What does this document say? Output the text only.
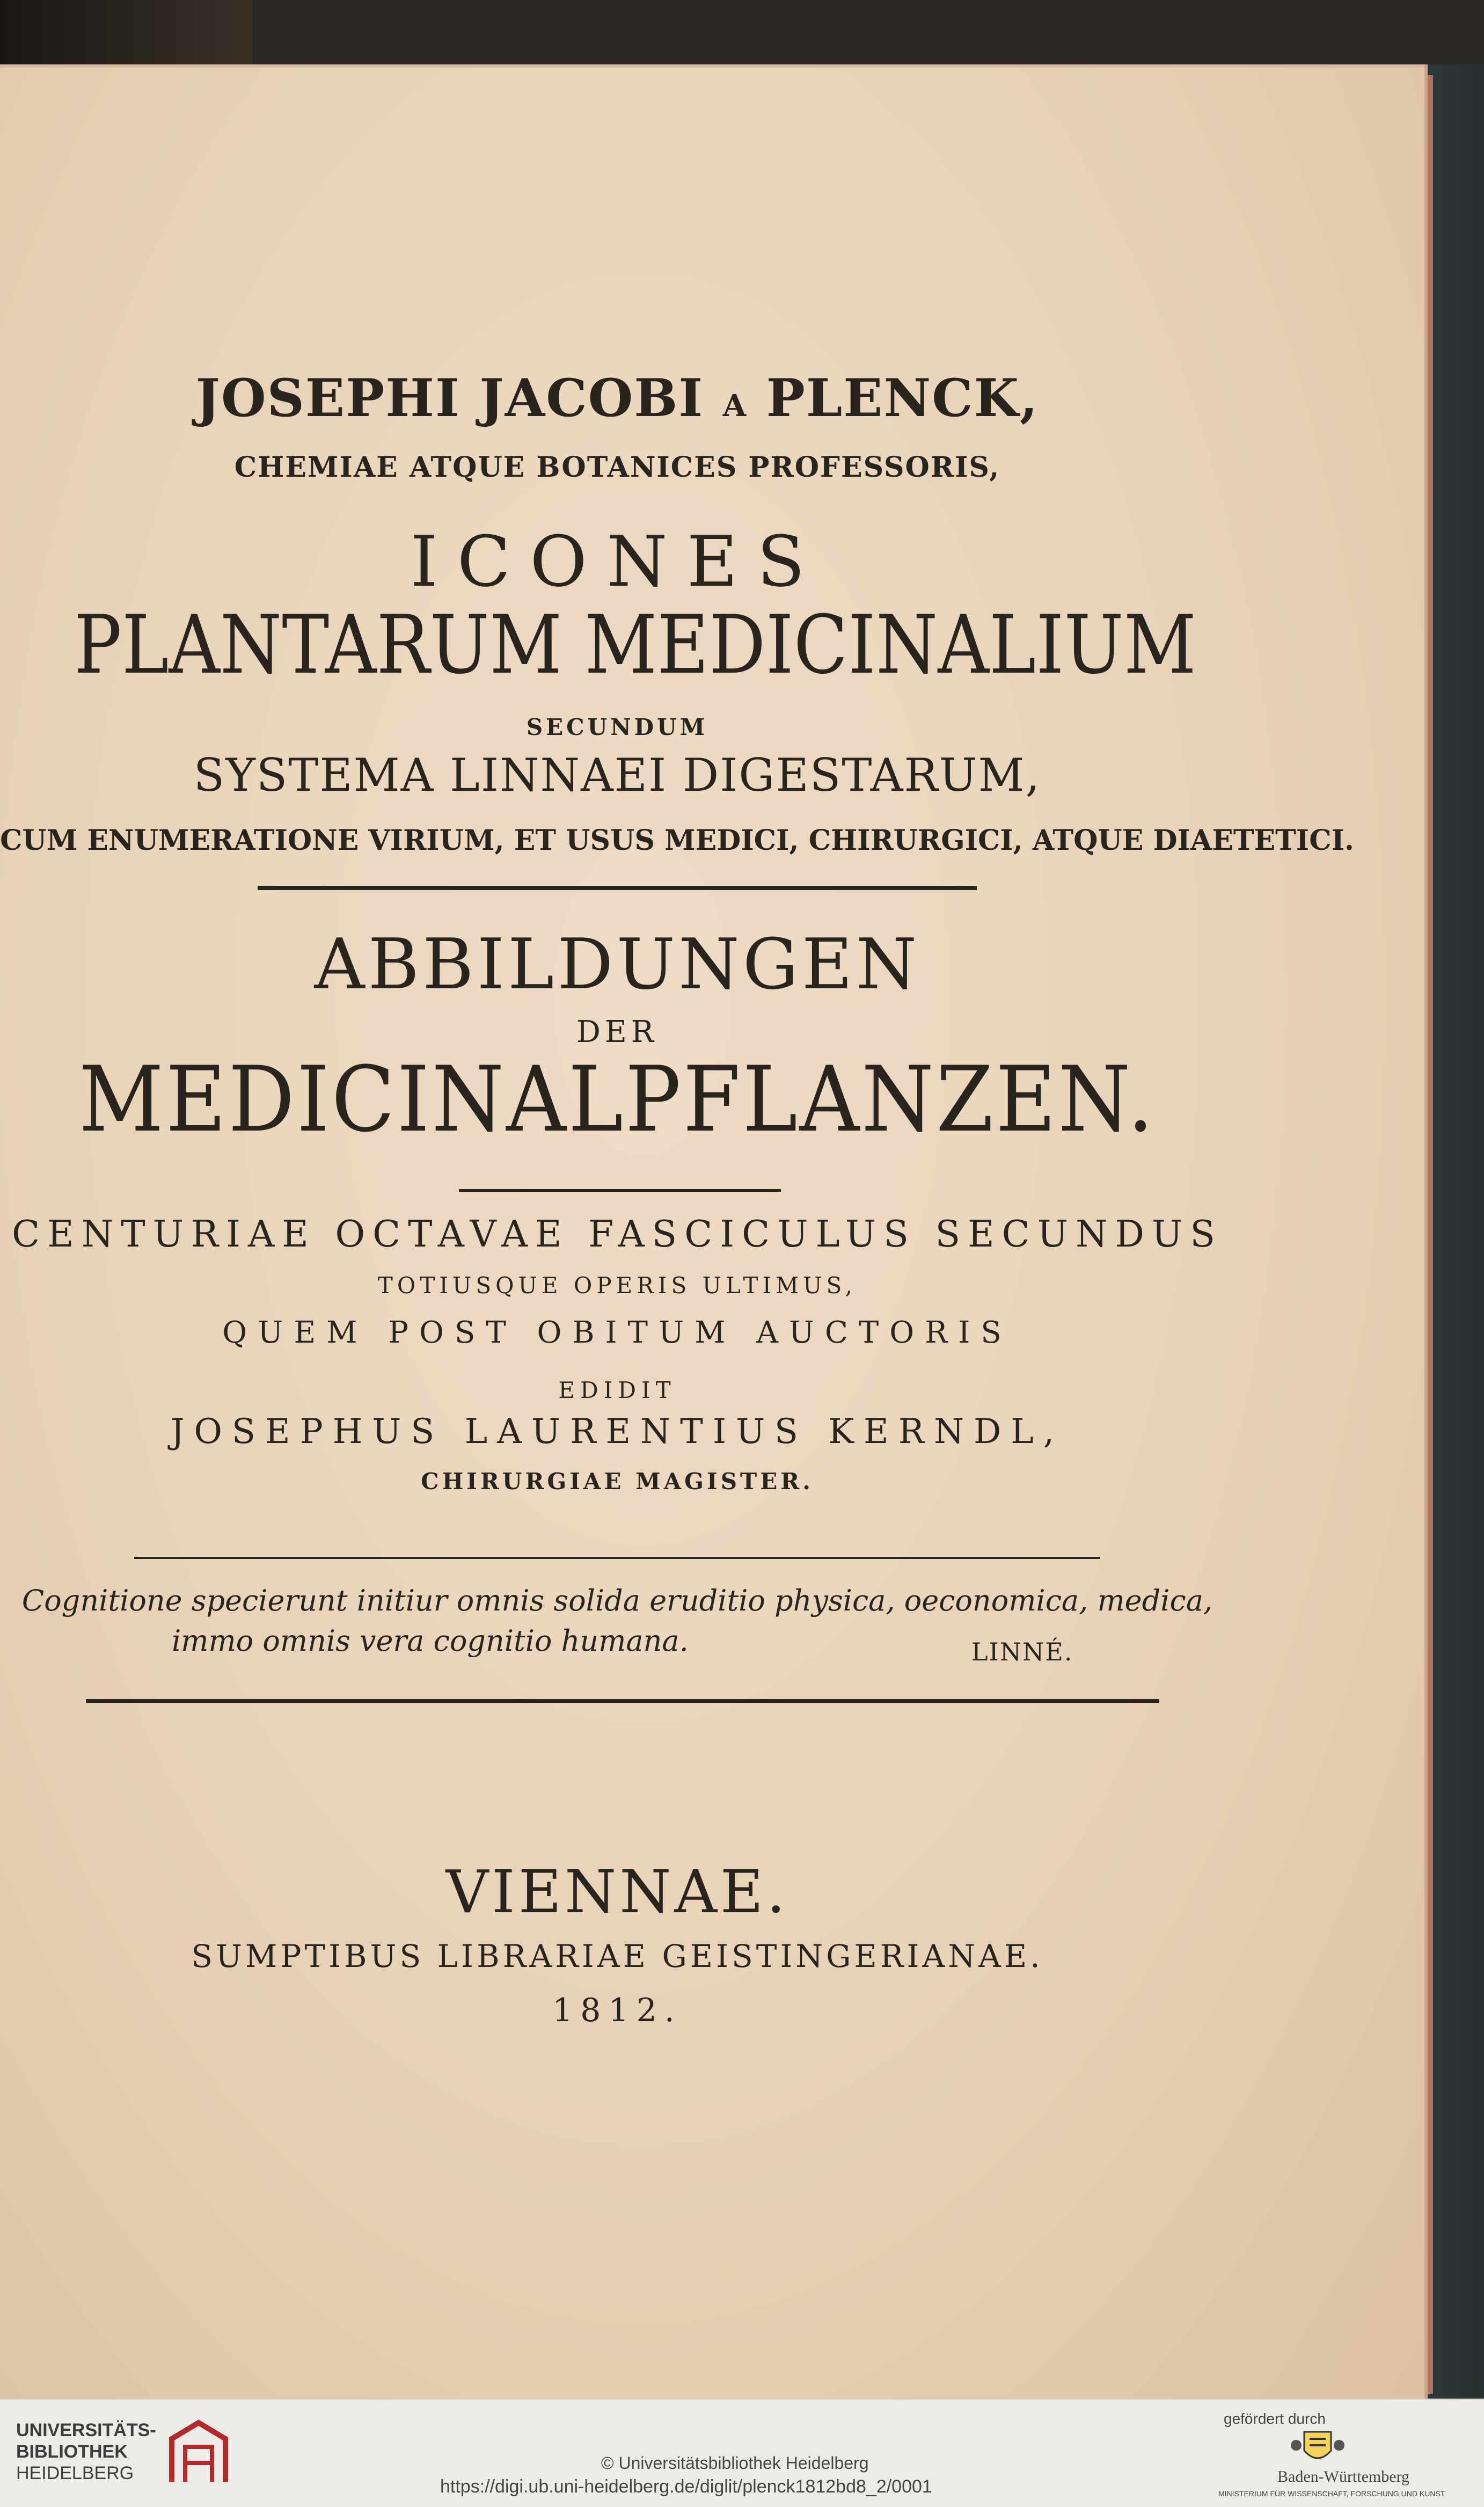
JOSEPHI JACOBI A PLENCK,
CHEMIAE ATQUE BOTANICES PROFESSORIS,
ICONES
PLANTARUM MEDICINALIUM
SECUNDUM
SYSTEMA LINNAEI DIGESTARUM,
CUM ENUMERATIONE VIRIUM, ET USUS MEDICI, CHIRURGICI, ATQUE DIAETETICI.
ABBILDUNGEN
DER
MEDICINALPFLANZEN.
CENTURIAE OCTAVAE FASCICULUS SECUNDUS
TOTIUSQUE OPERIS ULTIMUS,
QUEM POST OBITUM AUCTORIS
EDIDIT
JOSEPHUS LAURENTIUS KERNDL,
CHIRURGIAE MAGISTER.
Cognitione specierunt initiur omnis solida eruditio physica, oeconomica, medica,
immo omnis vera cognitio humana.	LINNÉ.
VIENNAE.
SUMPTIBUS LIBRARIAE GEISTINGERIANAE.
1812.
UNIVERSITÄTS-
BIBLIOTHEK
HEIDELBERG	© Universitätsbibliothek Heidelberg
https://digi.ub.uni-heidelberg.de/diglit/plenck1812bd8_2/0001
gefördert durch
Baden-Württemberg
MINISTERIUM FÜR WISSENSCHAFT, FORSCHUNG UND KUNST
